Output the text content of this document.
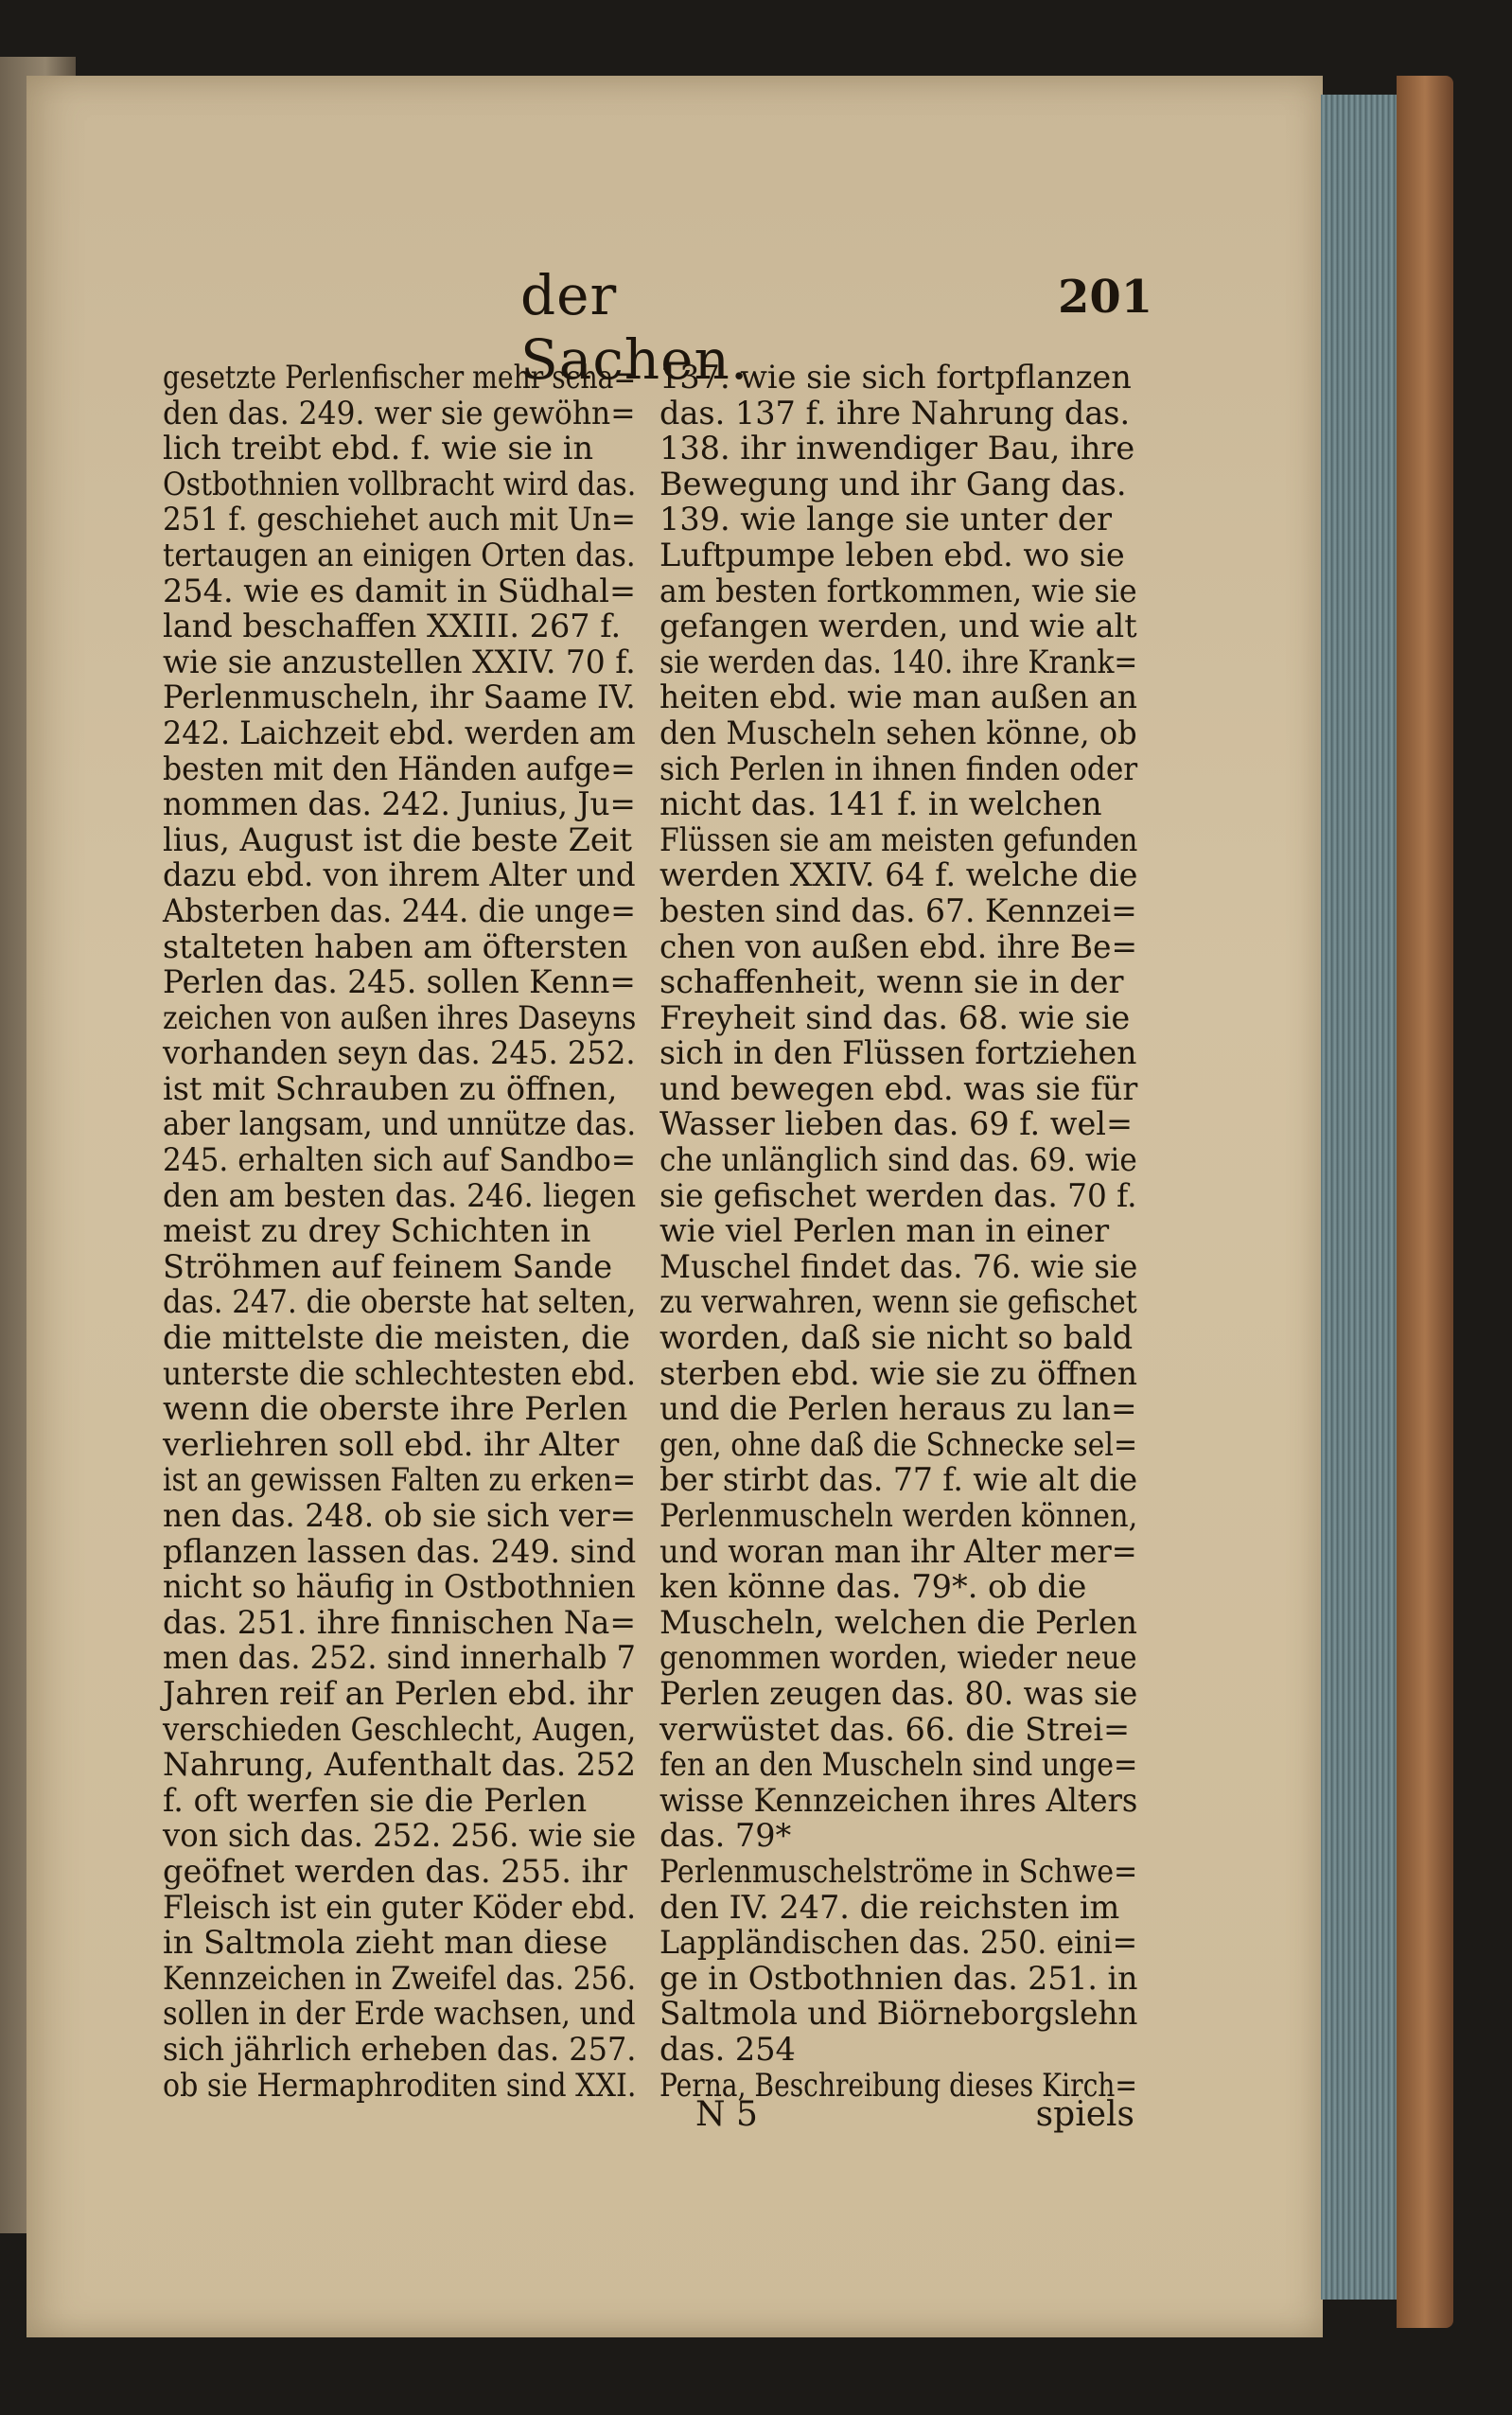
der Sachen.
201
gesetzte Perlenfischer mehr scha=
den das. 249. wer sie gewöhn=
lich treibt ebd. f. wie sie in
Ostbothnien vollbracht wird das.
251 f. geschiehet auch mit Un=
tertaugen an einigen Orten das.
254. wie es damit in Südhal=
land beschaffen XXIII. 267 f.
wie sie anzustellen XXIV. 70 f.
Perlenmuscheln, ihr Saame IV.
242. Laichzeit ebd. werden am
besten mit den Händen aufge=
nommen das. 242. Junius, Ju=
lius, August ist die beste Zeit
dazu ebd. von ihrem Alter und
Absterben das. 244. die unge=
stalteten haben am öftersten
Perlen das. 245. sollen Kenn=
zeichen von außen ihres Daseyns
vorhanden seyn das. 245. 252.
ist mit Schrauben zu öffnen,
aber langsam, und unnütze das.
245. erhalten sich auf Sandbo=
den am besten das. 246. liegen
meist zu drey Schichten in
Ströhmen auf feinem Sande
das. 247. die oberste hat selten,
die mittelste die meisten, die
unterste die schlechtesten ebd.
wenn die oberste ihre Perlen
verliehren soll ebd. ihr Alter
ist an gewissen Falten zu erken=
nen das. 248. ob sie sich ver=
pflanzen lassen das. 249. sind
nicht so häufig in Ostbothnien
das. 251. ihre finnischen Na=
men das. 252. sind innerhalb 7
Jahren reif an Perlen ebd. ihr
verschieden Geschlecht, Augen,
Nahrung, Aufenthalt das. 252
f. oft werfen sie die Perlen
von sich das. 252. 256. wie sie
geöfnet werden das. 255. ihr
Fleisch ist ein guter Köder ebd.
in Saltmola zieht man diese
Kennzeichen in Zweifel das. 256.
sollen in der Erde wachsen, und
sich jährlich erheben das. 257.
ob sie Hermaphroditen sind XXI.
137. wie sie sich fortpflanzen
das. 137 f. ihre Nahrung das.
138. ihr inwendiger Bau, ihre
Bewegung und ihr Gang das.
139. wie lange sie unter der
Luftpumpe leben ebd. wo sie
am besten fortkommen, wie sie
gefangen werden, und wie alt
sie werden das. 140. ihre Krank=
heiten ebd. wie man außen an
den Muscheln sehen könne, ob
sich Perlen in ihnen finden oder
nicht das. 141 f. in welchen
Flüssen sie am meisten gefunden
werden XXIV. 64 f. welche die
besten sind das. 67. Kennzei=
chen von außen ebd. ihre Be=
schaffenheit, wenn sie in der
Freyheit sind das. 68. wie sie
sich in den Flüssen fortziehen
und bewegen ebd. was sie für
Wasser lieben das. 69 f. wel=
che unlänglich sind das. 69. wie
sie gefischet werden das. 70 f.
wie viel Perlen man in einer
Muschel findet das. 76. wie sie
zu verwahren, wenn sie gefischet
worden, daß sie nicht so bald
sterben ebd. wie sie zu öffnen
und die Perlen heraus zu lan=
gen, ohne daß die Schnecke sel=
ber stirbt das. 77 f. wie alt die
Perlenmuscheln werden können,
und woran man ihr Alter mer=
ken könne das. 79*. ob die
Muscheln, welchen die Perlen
genommen worden, wieder neue
Perlen zeugen das. 80. was sie
verwüstet das. 66. die Strei=
fen an den Muscheln sind unge=
wisse Kennzeichen ihres Alters
das. 79*
Perlenmuschelströme in Schwe=
den IV. 247. die reichsten im
Lappländischen das. 250. eini=
ge in Ostbothnien das. 251. in
Saltmola und Biörneborgslehn
das. 254
Perna, Beschreibung dieses Kirch=
N 5	spiels
